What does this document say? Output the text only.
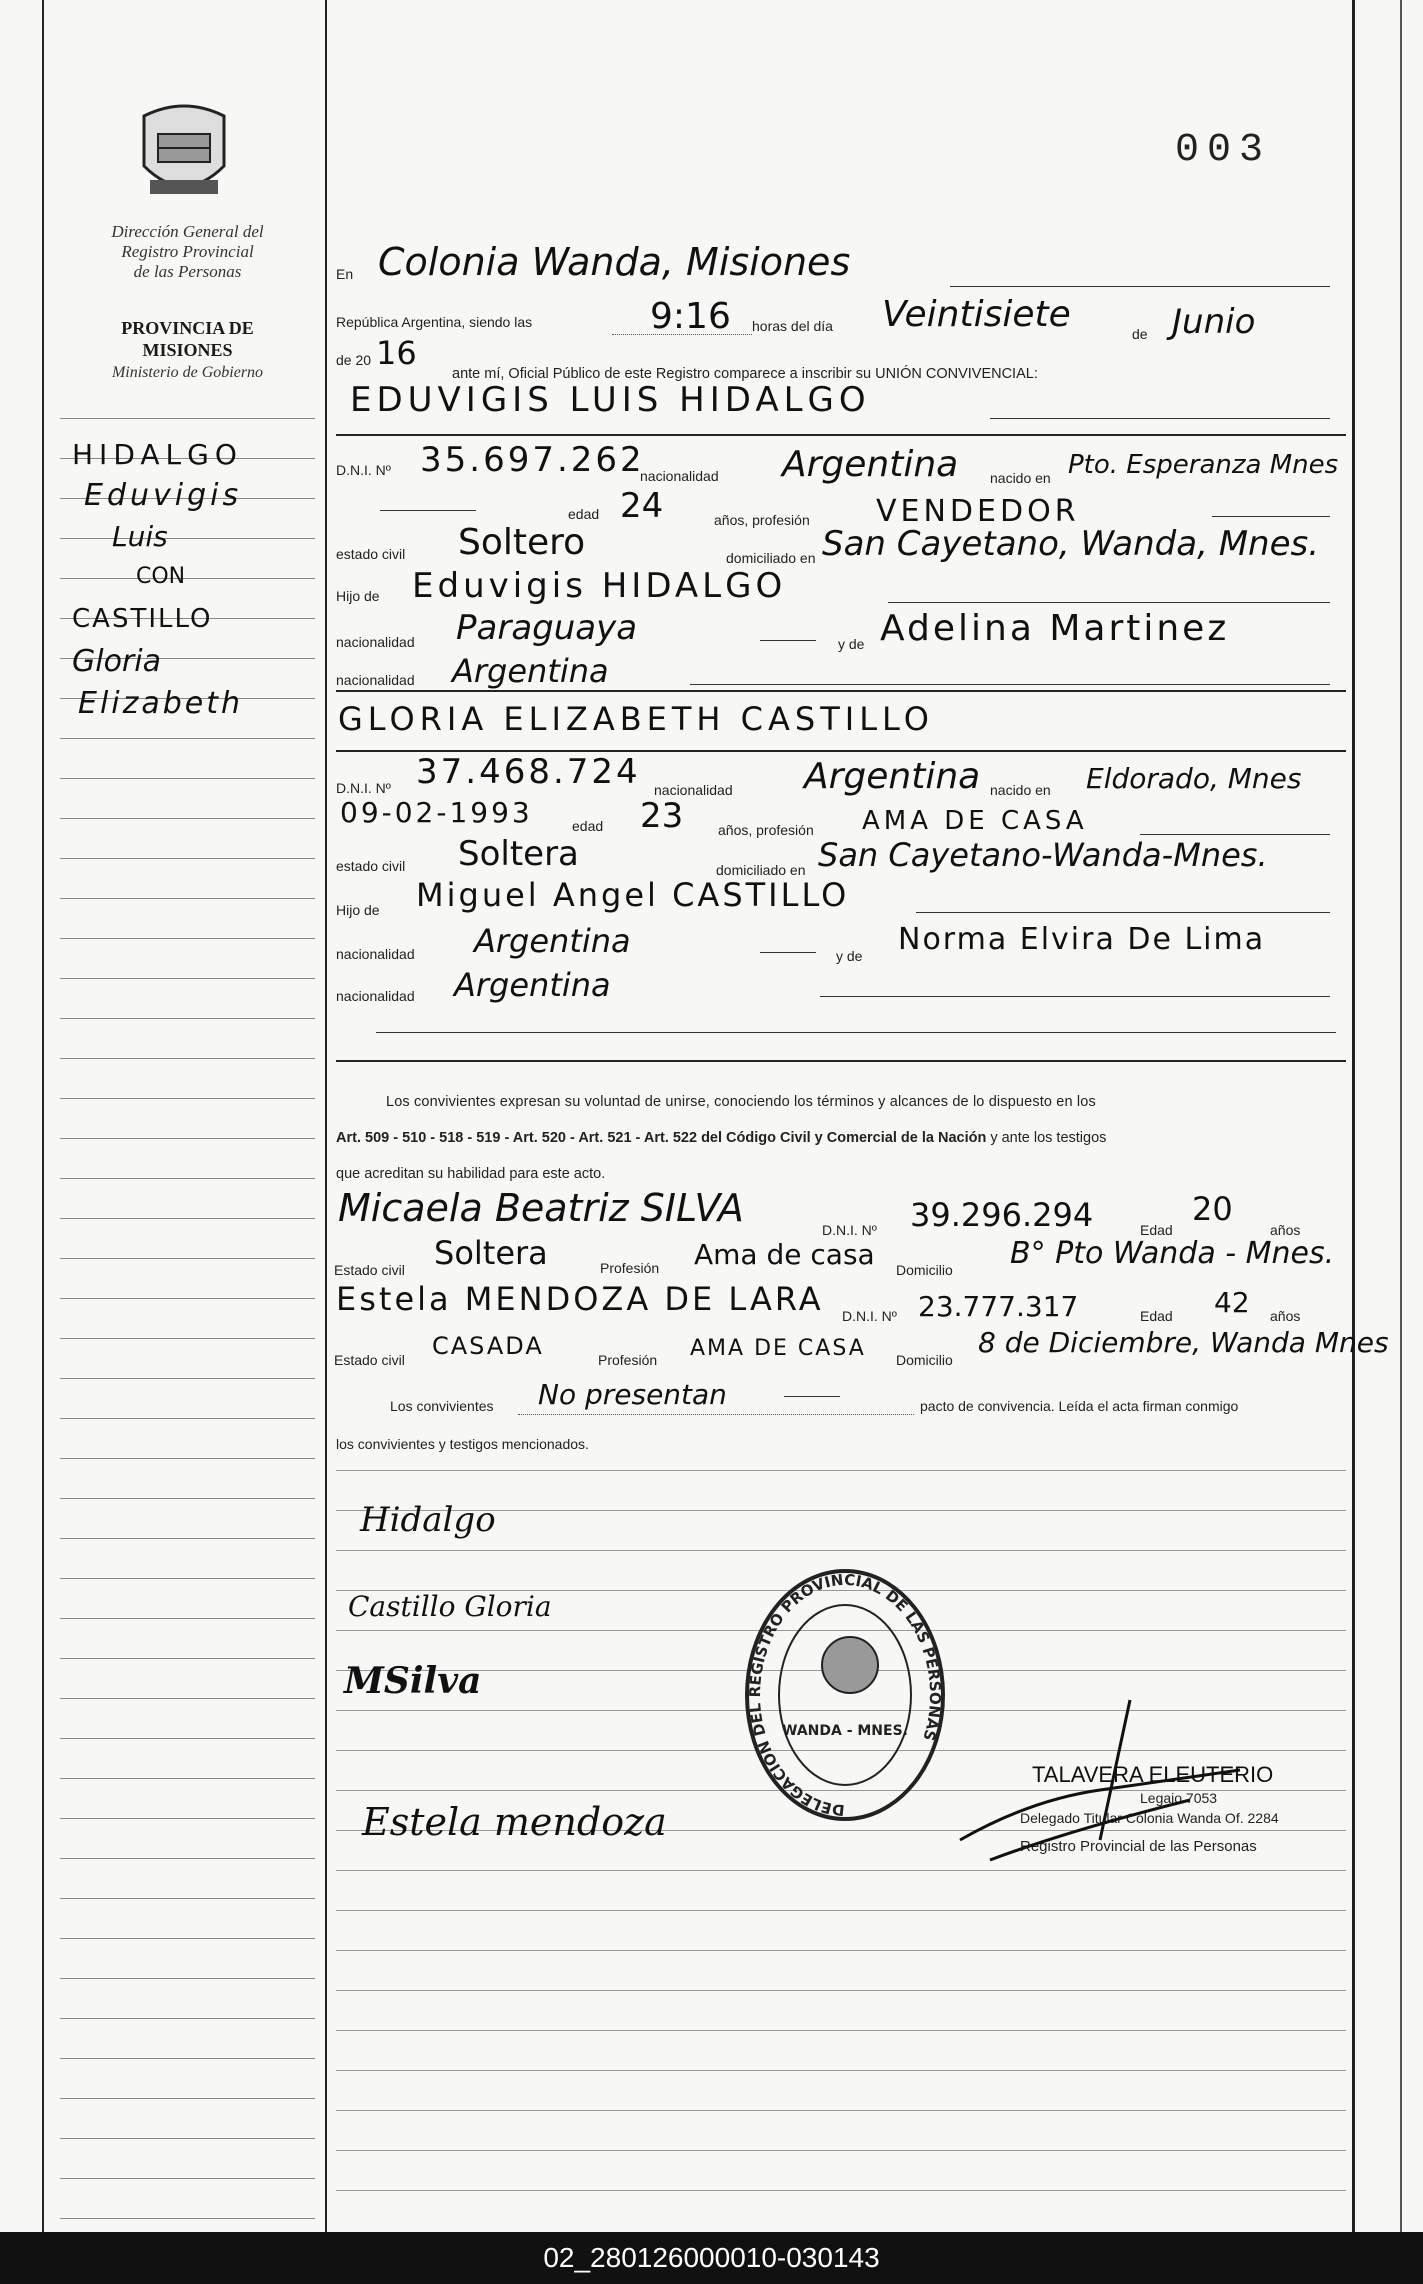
Dirección General del
Registro Provincial
de las Personas
PROVINCIA DE
MISIONES
Ministerio de Gobierno
003
HIDALGO
Eduvigis
Luis
CON
CASTILLO
Gloria
Elizabeth
En Colonia Wanda, Misiones
República Argentina, siendo las	9:16 horas del día Veintisiete	de Junio
de 20 16
ante mí, Oficial Público de este Registro comparece a inscribir su UNIÓN CONVIVENCIAL:
EDUVIGIS LUIS HIDALGO
D.N.I. Nº 35.697.262
nacionalidad Argentina nacido en Pto. Esperanza Mnes
edad 24	años, profesión VENDEDOR
estado civil Soltero	domiciliado en San Cayetano, Wanda, Mnes.
Hijo de Eduvigis HIDALGO
nacionalidad Paraguaya	y de Adelina Martinez
nacionalidad Argentina
GLORIA ELIZABETH CASTILLO
D.N.I. Nº 37.468.724 nacionalidad Argentina nacido en Eldorado, Mnes
09-02-1993	edad 23 años, profesión AMA DE CASA
estado civil Soltera	domiciliado en San Cayetano-Wanda-Mnes.
Hijo de Miguel Angel CASTILLO
nacionalidad Argentina	y de Norma Elvira De Lima
nacionalidad Argentina
Los convivientes expresan su voluntad de unirse, conociendo los términos y alcances de lo dispuesto en los
Art. 509 - 510 - 518 - 519 - Art. 520 - Art. 521 - Art. 522 del Código Civil y Comercial de la Nación y ante los testigos
que acreditan su habilidad para este acto.
Micaela Beatriz SILVA	D.N.I. Nº 39.296.294	Edad
20
años
Estado civil Soltera	Profesión Ama de casa Domicilio B° Pto Wanda - Mnes.
Estela MENDOZA DE LARA D.N.I. Nº 23.777.317	Edad 42 años
Estado civil CASADA	Profesión AMA DE CASA Domicilio
8 de Diciembre, Wanda Mnes
Los convivientes No presentan	pacto de convivencia. Leída el acta firman conmigo
los convivientes y testigos mencionados.
Hidalgo
Castillo Gloria
MSilva
Estela mendoza	DELEGACIÓN DEL REGISTRO PROVINCIAL DE LAS PERSONAS
WANDA - MNES.
TALAVERA ELEUTERIO
Legajo 7053
Delegado Titular Colonia Wanda Of. 2284
Registro Provincial de las Personas
02_280126000010-030143
